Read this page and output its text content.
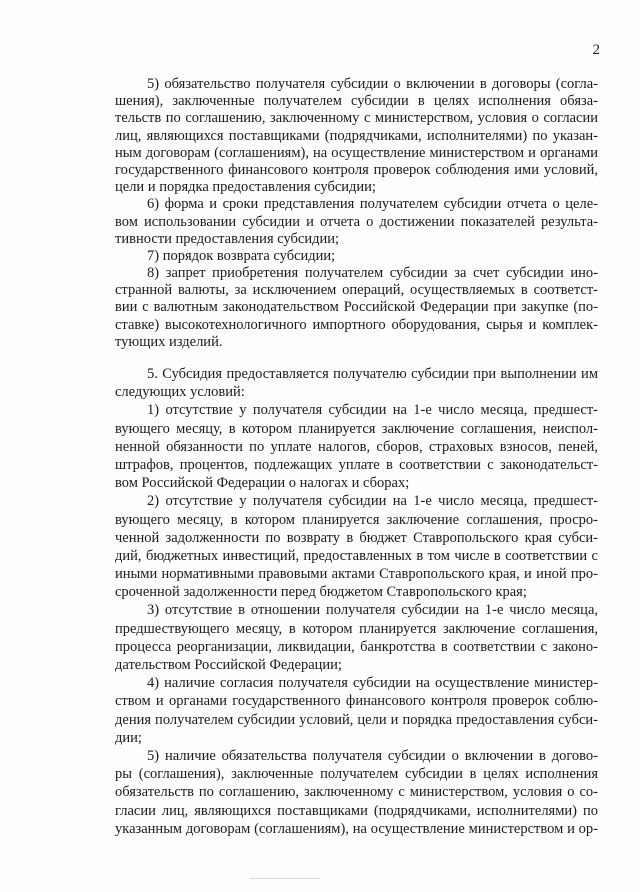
2
5) обязательство получателя субсидии о включении в договоры (согла-
шения), заключенные получателем субсидии в целях исполнения обяза-
тельств по соглашению, заключенному с министерством, условия о согласии
лиц, являющихся поставщиками (подрядчиками, исполнителями) по указан-
ным договорам (соглашениям), на осуществление министерством и органами
государственного финансового контроля проверок соблюдения ими условий,
цели и порядка предоставления субсидии;
6) форма и сроки представления получателем субсидии отчета о целе-
вом использовании субсидии и отчета о достижении показателей результа-
тивности предоставления субсидии;
7) порядок возврата субсидии;
8) запрет приобретения получателем субсидии за счет субсидии ино-
странной валюты, за исключением операций, осуществляемых в соответст-
вии с валютным законодательством Российской Федерации при закупке (по-
ставке) высокотехнологичного импортного оборудования, сырья и комплек-
тующих изделий.
5. Субсидия предоставляется получателю субсидии при выполнении им
следующих условий:
1) отсутствие у получателя субсидии на 1-е число месяца, предшест-
вующего месяцу, в котором планируется заключение соглашения, неиспол-
ненной обязанности по уплате налогов, сборов, страховых взносов, пеней,
штрафов, процентов, подлежащих уплате в соответствии с законодательст-
вом Российской Федерации о налогах и сборах;
2) отсутствие у получателя субсидии на 1-е число месяца, предшест-
вующего месяцу, в котором планируется заключение соглашения, просро-
ченной задолженности по возврату в бюджет Ставропольского края субси-
дий, бюджетных инвестиций, предоставленных в том числе в соответствии с
иными нормативными правовыми актами Ставропольского края, и иной про-
сроченной задолженности перед бюджетом Ставропольского края;
3) отсутствие в отношении получателя субсидии на 1-е число месяца,
предшествующего месяцу, в котором планируется заключение соглашения,
процесса реорганизации, ликвидации, банкротства в соответствии с законо-
дательством Российской Федерации;
4) наличие согласия получателя субсидии на осуществление министер-
ством и органами государственного финансового контроля проверок соблю-
дения получателем субсидии условий, цели и порядка предоставления субси-
дии;
5) наличие обязательства получателя субсидии о включении в догово-
ры (соглашения), заключенные получателем субсидии в целях исполнения
обязательств по соглашению, заключенному с министерством, условия о со-
гласии лиц, являющихся поставщиками (подрядчиками, исполнителями) по
указанным договорам (соглашениям), на осуществление министерством и ор-
